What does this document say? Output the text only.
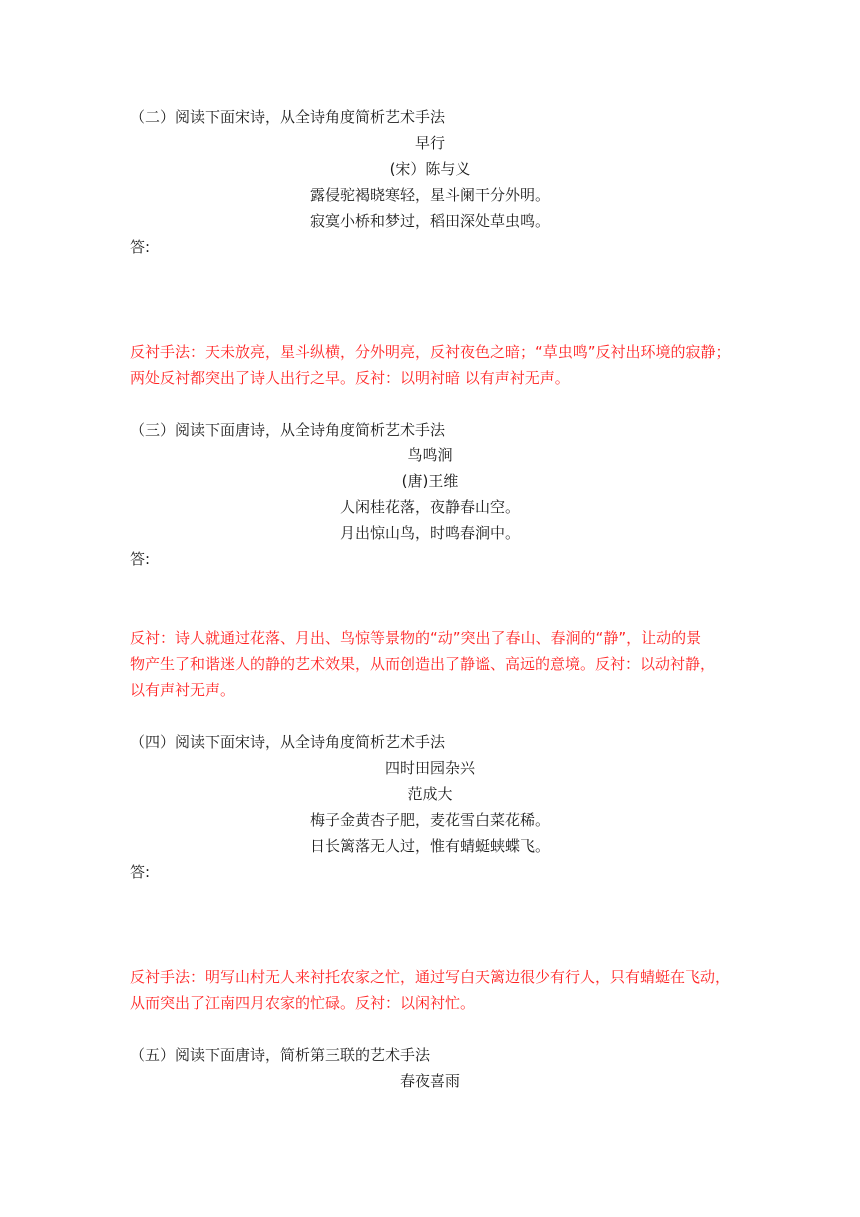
（二）阅读下面宋诗，从全诗角度简析艺术手法
早行
(宋）陈与义
露侵驼褐晓寒轻，星斗阑干分外明。
寂寞小桥和梦过，稻田深处草虫鸣。
答:
反衬手法：天未放亮，星斗纵横，分外明亮，反衬夜色之暗；“草虫鸣”反衬出环境的寂静；
两处反衬都突出了诗人出行之早。反衬：以明衬暗 以有声衬无声。
（三）阅读下面唐诗，从全诗角度简析艺术手法
鸟鸣涧
(唐)王维
人闲桂花落，夜静春山空。
月出惊山鸟，时鸣春涧中。
答:
反衬：诗人就通过花落、月出、鸟惊等景物的“动”突出了春山、春涧的“静”，让动的景
物产生了和谐迷人的静的艺术效果，从而创造出了静谧、高远的意境。反衬：以动衬静，
以有声衬无声。
（四）阅读下面宋诗，从全诗角度简析艺术手法
四时田园杂兴
范成大
梅子金黄杏子肥，麦花雪白菜花稀。
日长篱落无人过，惟有蜻蜓蛱蝶飞。
答:
反衬手法：明写山村无人来衬托农家之忙，通过写白天篱边很少有行人，只有蜻蜓在飞动，
从而突出了江南四月农家的忙碌。反衬：以闲衬忙。
（五）阅读下面唐诗，简析第三联的艺术手法
春夜喜雨
